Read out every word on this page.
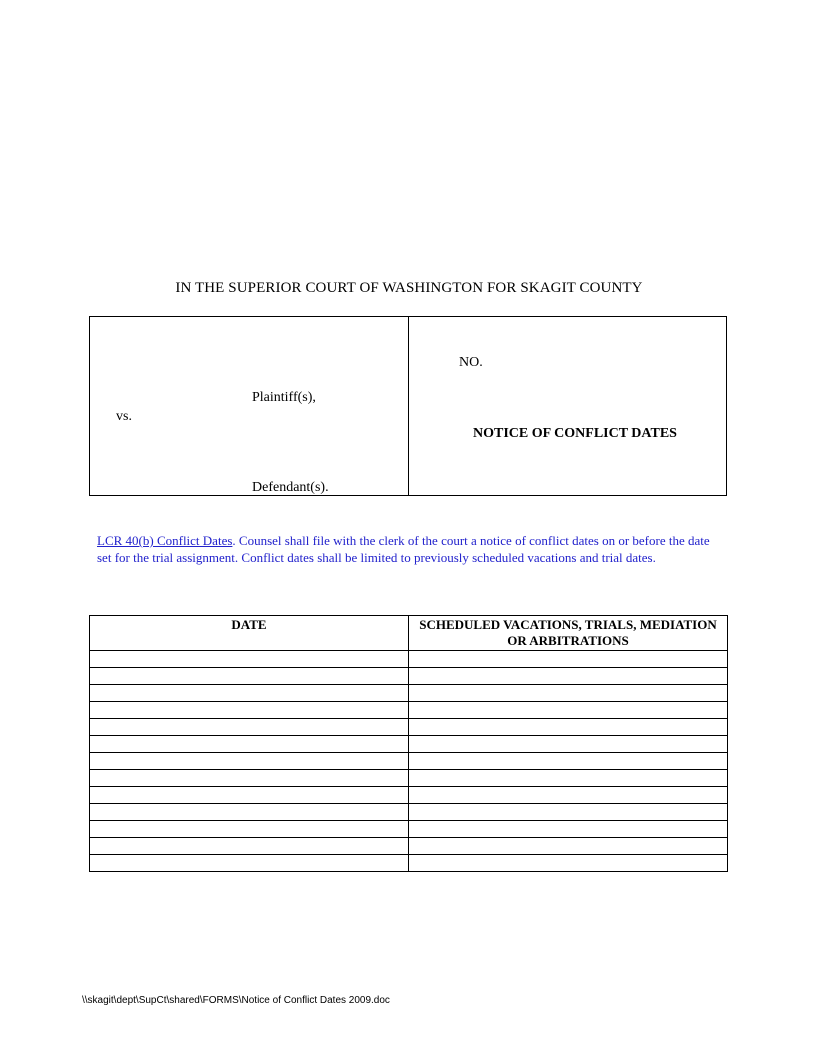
IN THE SUPERIOR COURT OF WASHINGTON FOR SKAGIT COUNTY
Plaintiff(s),
vs.
Defendant(s).
NO.
NOTICE OF CONFLICT DATES
LCR 40(b) Conflict Dates. Counsel shall file with the clerk of the court a notice of conflict dates on or before the date set for the trial assignment. Conflict dates shall be limited to previously scheduled vacations and trial dates.
DATE	SCHEDULED VACATIONS, TRIALS, MEDIATION OR ARBITRATIONS

\\skagit\dept\SupCt\shared\FORMS\Notice of Conflict Dates 2009.doc
